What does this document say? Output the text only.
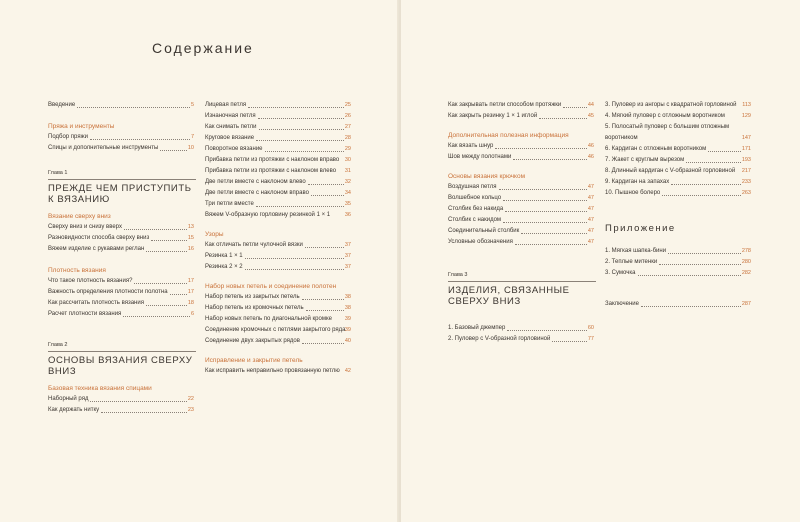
Содержание
Введение	5
Пряжа и инструменты
Подбор пряжи	7
Спицы и дополнительные инструменты	10
Глава 1
ПРЕЖДЕ ЧЕМ ПРИСТУПИТЬ К ВЯЗАНИЮ
Вязание сверху вниз
Сверху вниз и снизу вверх	13
Разновидности способа сверху вниз	15
Вяжем изделие с рукавами реглан	16
Плотность вязания
Что такое плотность вязания?	17
Важность определения плотности полотна	17
Как рассчитать плотность вязания	18
Расчет плотности вязания	6
Глава 2
ОСНОВЫ ВЯЗАНИЯ СВЕРХУ ВНИЗ
Базовая техника вязания спицами
Наборный ряд	22
Как держать нитку	23
Лицевая петля	25
Изнаночная петля	26
Как снимать петли	27
Круговое вязание	28
Поворотное вязание	29
Прибавка петли из протяжки с наклоном вправо 30
Прибавка петли из протяжки с наклоном влево 31
Две петли вместе с наклоном влево	32
Две петли вместе с наклоном вправо	34
Три петли вместе	35
Вяжем V-образную горловину резинкой 1 × 1	36
Узоры
Как отличать петли чулочной вязки	37
Резинка 1 × 1	37
Резинка 2 × 2	37
Набор новых петель и соединение полотен
Набор петель из закрытых петель	38
Набор петель из кромочных петель	38
Набор новых петель по диагональной кромке 39
Соединение кромочных с петлями закрытого ряда 39
Соединение двух закрытых рядов	40
Исправление и закрытие петель
Как исправить неправильно провязанную петлю 42
Как закрывать петли способом протяжки	44
Как закрыть резинку 1 × 1 иглой	45
Дополнительная полезная информация
Как вязать шнур	46
Шов между полотнами	46
Основы вязания крючком
Воздушная петля	47
Волшебное кольцо	47
Столбик без накида	47
Столбик с накидом	47
Соединительный столбик	47
Условные обозначения	47
Глава 3
ИЗДЕЛИЯ, СВЯЗАННЫЕ СВЕРХУ ВНИЗ
1. Базовый джемпер	60
2. Пуловер с V-образной горловиной	77
3. Пуловер из ангоры с квадратной горловиной 113
4. Мягкий пуловер с отложным воротником	129
5. Полосатый пуловер с большим отложным воротником	147
6. Кардиган с отложным воротником	171
7. Жакет с круглым вырезом	193
8. Длинный кардиган с V-образной горловиной 217
9. Кардиган на запахах	233
10. Пышное болеро	263
Приложение
1. Мягкая шапка-бини	278
2. Теплые митенки	280
3. Сумочка	282
Заключение	287
